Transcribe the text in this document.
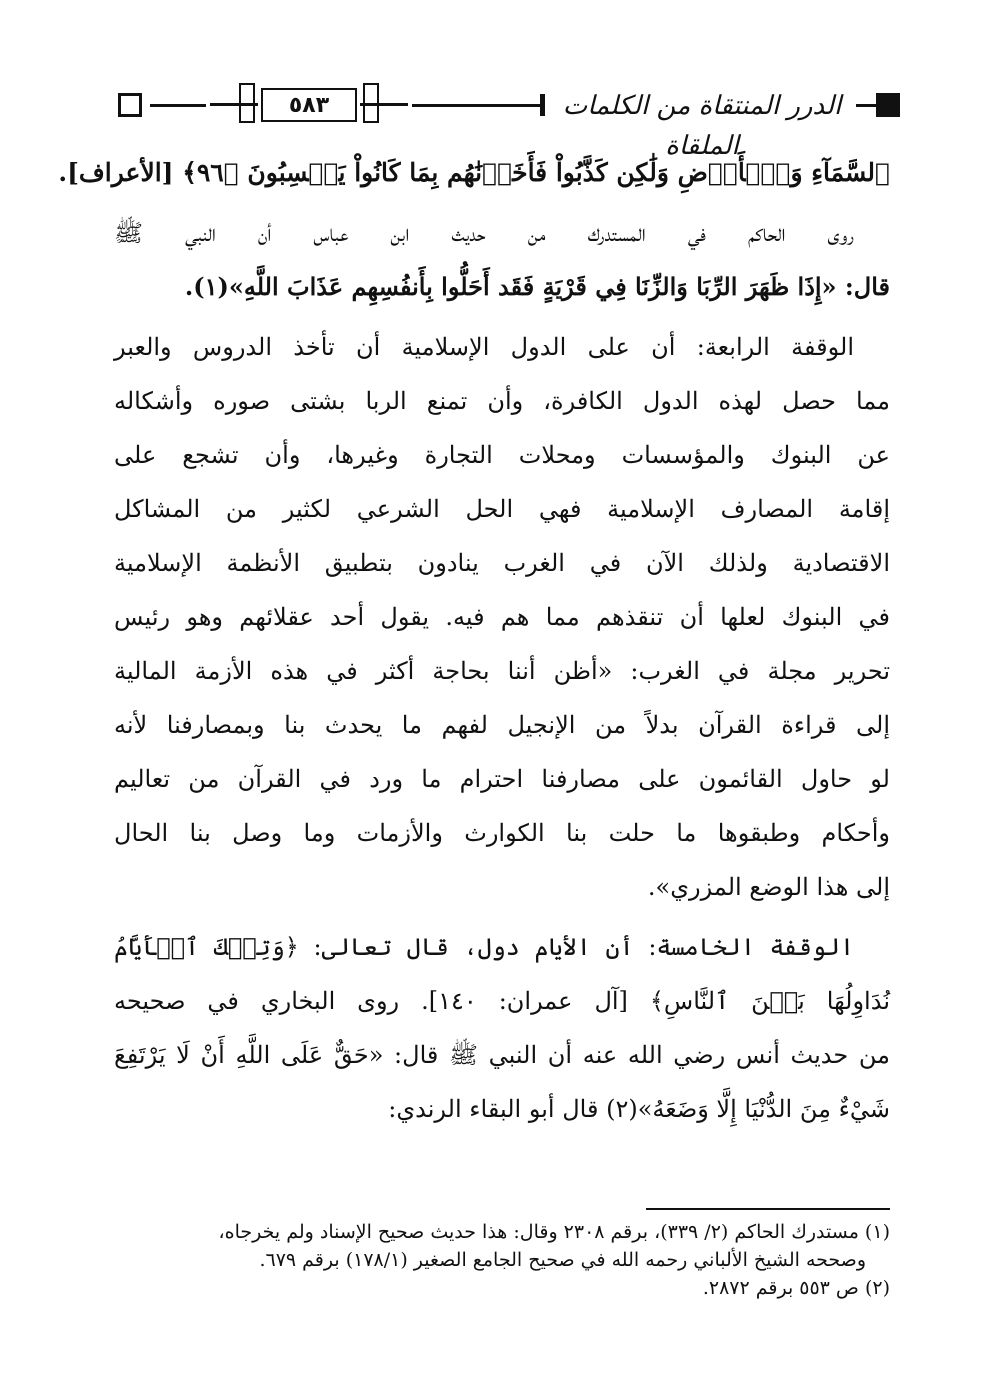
٥٨٣	الدرر المنتقاة من الكلمات الملقاة
ٱلسَّمَآءِ وَٱلۡأَرۡضِ وَلَٰكِن كَذَّبُواْ فَأَخَذۡنَٰهُم بِمَا كَانُواْ يَكۡسِبُونَ ﴿٩٦﴾ [الأعراف].
روى الحاكم في المستدرك من حديث ابن عباس أن النبي ﷺ
قال: «إِذَا ظَهَرَ الرِّبَا وَالزِّنَا فِي قَرْيَةٍ فَقَد أَحَلُّوا بِأَنفُسِهِم عَذَابَ اللَّهِ»(١).
الوقفة الرابعة: أن على الدول الإسلامية أن تأخذ الدروس والعبر
مما حصل لهذه الدول الكافرة، وأن تمنع الربا بشتى صوره وأشكاله
عن البنوك والمؤسسات ومحلات التجارة وغيرها، وأن تشجع على
إقامة المصارف الإسلامية فهي الحل الشرعي لكثير من المشاكل
الاقتصادية ولذلك الآن في الغرب ينادون بتطبيق الأنظمة الإسلامية
في البنوك لعلها أن تنقذهم مما هم فيه. يقول أحد عقلائهم وهو رئيس
تحرير مجلة في الغرب: «أظن أننا بحاجة أكثر في هذه الأزمة المالية
إلى قراءة القرآن بدلاً من الإنجيل لفهم ما يحدث بنا وبمصارفنا لأنه
لو حاول القائمون على مصارفنا احترام ما ورد في القرآن من تعاليم
وأحكام وطبقوها ما حلت بنا الكوارث والأزمات وما وصل بنا الحال
إلى هذا الوضع المزري».
الوقفة الخامسة: أن الأيام دول، قال تعالى: ﴿وَتِلۡكَ ٱلۡأَيَّامُ
نُدَاوِلُهَا بَيۡنَ ٱلنَّاسِ﴾ [آل عمران: ١٤٠]. روى البخاري في صحيحه
من حديث أنس رضي الله عنه أن النبي ﷺ قال: «حَقٌّ عَلَى اللَّهِ أَنْ لَا يَرْتَفِعَ
شَيْءٌ مِنَ الدُّنْيَا إِلَّا وَضَعَهُ»(٢) قال أبو البقاء الرندي:
(١) مستدرك الحاكم (٢/ ٣٣٩)، برقم ٢٣٠٨ وقال: هذا حديث صحيح الإسناد ولم يخرجاه،
وصححه الشيخ الألباني رحمه الله في صحيح الجامع الصغير (١٧٨/١) برقم ٦٧٩.
(٢) ص ٥٥٣ برقم ٢٨٧٢.
